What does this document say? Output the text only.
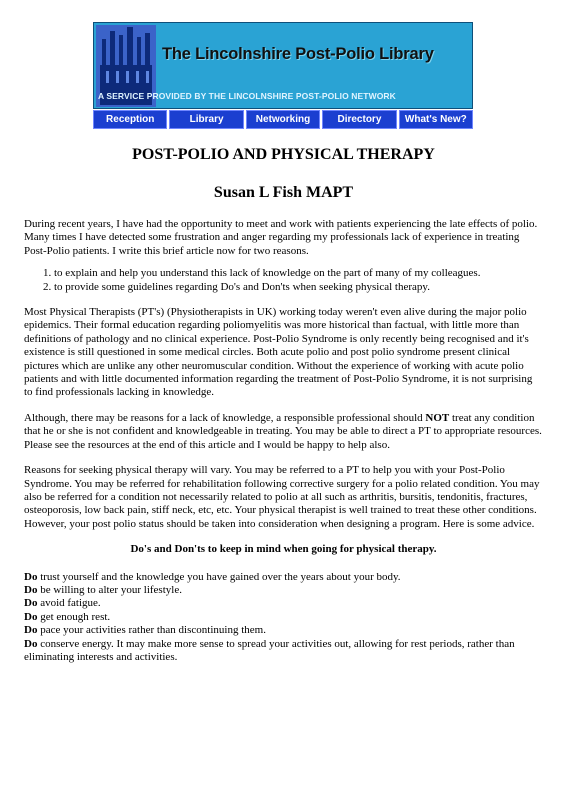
The Lincolnshire Post-Polio Library
A SERVICE PROVIDED BY THE LINCOLNSHIRE POST-POLIO NETWORK
Reception	Library	Networking	Directory	What's New?
POST-POLIO AND PHYSICAL THERAPY
Susan L Fish MAPT

During recent years, I have had the opportunity to meet and work with patients experiencing the late effects of polio. Many times I have detected some frustration and anger regarding my professionals lack of experience in treating Post-Polio patients. I write this brief article now for two reasons.

1. to explain and help you understand this lack of knowledge on the part of many of my colleagues.
2. to provide some guidelines regarding Do's and Don'ts when seeking physical therapy.

Most Physical Therapists (PT's) (Physiotherapists in UK) working today weren't even alive during the major polio epidemics. Their formal education regarding poliomyelitis was more historical than factual, with little more than definitions of pathology and no clinical experience. Post-Polio Syndrome is only recently being recognised and it's existence is still questioned in some medical circles. Both acute polio and post polio syndrome present clinical pictures which are unlike any other neuromuscular condition. Without the experience of working with acute polio patients and with little documented information regarding the treatment of Post-Polio Syndrome, it is not surprising to find professionals lacking in knowledge.

Although, there may be reasons for a lack of knowledge, a responsible professional should NOT treat any condition that he or she is not confident and knowledgeable in treating. You may be able to direct a PT to appropriate resources. Please see the resources at the end of this article and I would be happy to help also.

Reasons for seeking physical therapy will vary. You may be referred to a PT to help you with your Post-Polio Syndrome. You may be referred for rehabilitation following corrective surgery for a polio related condition. You may also be referred for a condition not necessarily related to polio at all such as arthritis, bursitis, tendonitis, fractures, osteoporosis, low back pain, stiff neck, etc, etc. Your physical therapist is well trained to treat these other conditions. However, your post polio status should be taken into consideration when designing a program. Here is some advice.

Do's and Don'ts to keep in mind when going for physical therapy.

Do trust yourself and the knowledge you have gained over the years about your body.
Do be willing to alter your lifestyle.
Do avoid fatigue.
Do get enough rest.
Do pace your activities rather than discontinuing them.
Do conserve energy. It may make more sense to spread your activities out, allowing for rest periods, rather than eliminating interests and activities.
